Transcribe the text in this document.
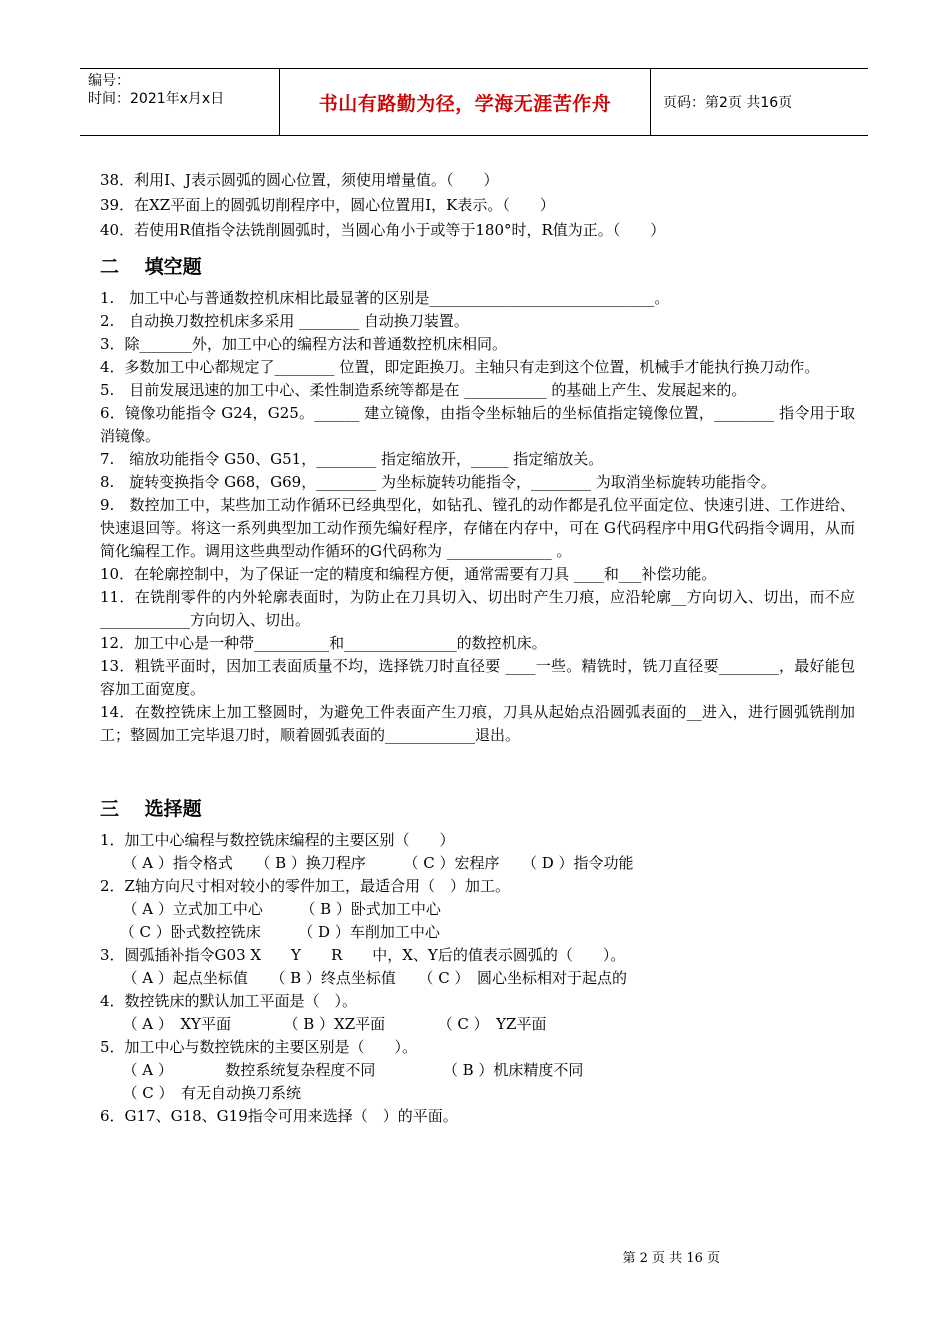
编号：
时间：2021年x月x日	书山有路勤为径，学海无涯苦作舟	页码：第2页 共16页
38．利用I、J表示圆弧的圆心位置，须使用增量值。（　　）
39．在XZ平面上的圆弧切削程序中，圆心位置用I，K表示。（　　）
40．若使用R值指令法铣削圆弧时，当圆心角小于或等于180°时，R值为正。（　　）
二　 填空题
1.　加工中心与普通数控机床相比最显著的区别是______________________________。
2.　自动换刀数控机床多采用 ________ 自动换刀装置。
3．除_______外，加工中心的编程方法和普通数控机床相同。
4．多数加工中心都规定了________ 位置，即定距换刀。主轴只有走到这个位置，机械手才能执行换刀动作。
5.　目前发展迅速的加工中心、柔性制造系统等都是在 ___________ 的基础上产生、发展起来的。
6．镜像功能指令 G24，G25。______ 建立镜像，由指令坐标轴后的坐标值指定镜像位置，________ 指令用于取消镜像。
7.　缩放功能指令 G50、G51，________ 指定缩放开，_____ 指定缩放关。
8.　旋转变换指令 G68，G69，________ 为坐标旋转功能指令，________ 为取消坐标旋转功能指令。
9.　数控加工中，某些加工动作循环已经典型化，如钻孔、镗孔的动作都是孔位平面定位、快速引进、工作进给、快速退回等。将这一系列典型加工动作预先编好程序，存储在内存中，可在 G代码程序中用G代码指令调用，从而简化编程工作。调用这些典型动作循环的G代码称为 ______________ 。
10．在轮廓控制中，为了保证一定的精度和编程方便，通常需要有刀具 ____和___补偿功能。
11．在铣削零件的内外轮廓表面时，为防止在刀具切入、切出时产生刀痕，应沿轮廓__方向切入、切出，而不应____________方向切入、切出。
12．加工中心是一种带__________和_______________的数控机床。
13．粗铣平面时，因加工表面质量不均，选择铣刀时直径要 ____一些。精铣时，铣刀直径要________，最好能包容加工面宽度。
14．在数控铣床上加工整圆时，为避免工件表面产生刀痕，刀具从起始点沿圆弧表面的__进入，进行圆弧铣削加工；整圆加工完毕退刀时，顺着圆弧表面的____________退出。
三　 选择题
1．加工中心编程与数控铣床编程的主要区别（　　）
　　（ A ）指令格式　　（ B ）换刀程序　　　（ C ）宏程序　　（ D ）指令功能
2．Z轴方向尺寸相对较小的零件加工，最适合用（　）加工。
　　（ A ）立式加工中心　　　（ B ）卧式加工中心
　 （ C ）卧式数控铣床　　　（ D ）车削加工中心
3．圆弧插补指令G03 X　　Y　　R　　中，X、Y后的值表示圆弧的（　　）。
　　（ A ）起点坐标值　　（ B ）终点坐标值　　（ C ）　圆心坐标相对于起点的
4．数控铣床的默认加工平面是（　）。
　　（ A ）　XY平面　　　　（ B ）XZ平面　　　　（ C ）　YZ平面
5．加工中心与数控铣床的主要区别是（　　）。
　　（ A ）　　　　数控系统复杂程度不同　　　　　（ B ）机床精度不同
　　（ C ）　有无自动换刀系统
6．G17、G18、G19指令可用来选择（　）的平面。
第 2 页 共 16 页
